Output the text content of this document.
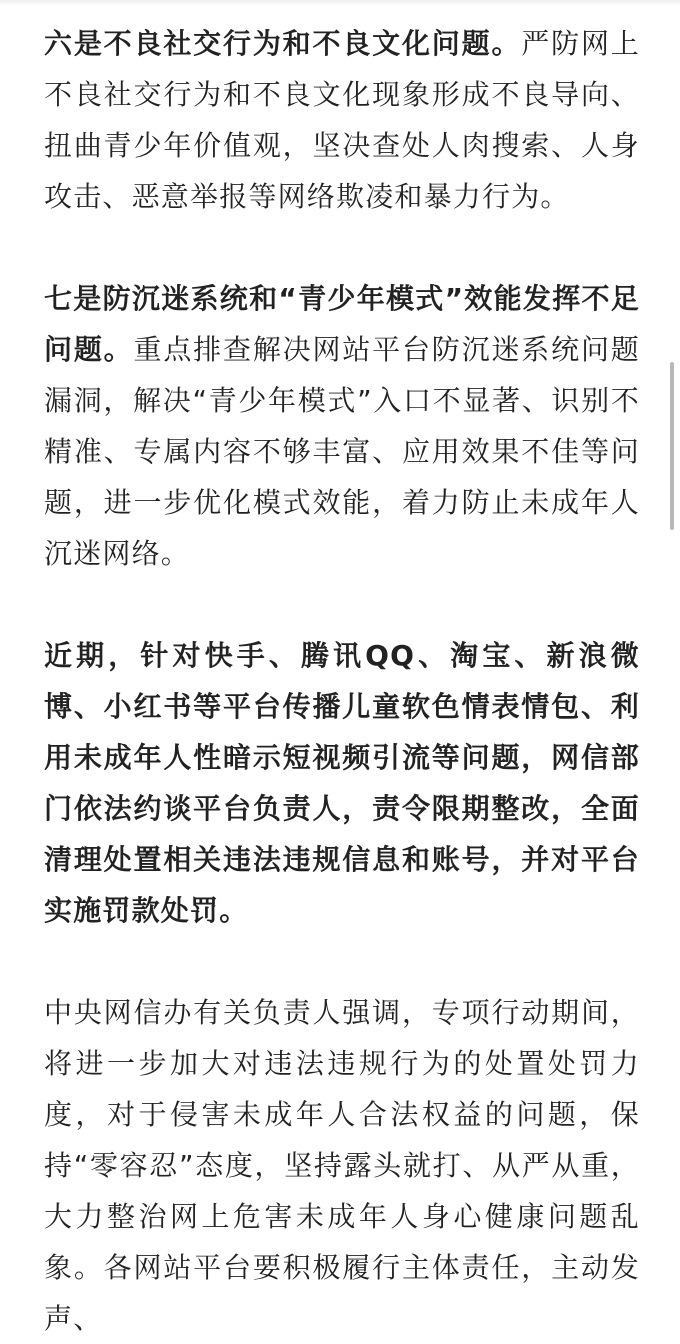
六是不良社交行为和不良文化问题。严防网上不良社交行为和不良文化现象形成不良导向、扭曲青少年价值观，坚决查处人肉搜索、人身攻击、恶意举报等网络欺凌和暴力行为。

七是防沉迷系统和“青少年模式”效能发挥不足问题。重点排查解决网站平台防沉迷系统问题漏洞，解决“青少年模式”入口不显著、识别不精准、专属内容不够丰富、应用效果不佳等问题，进一步优化模式效能，着力防止未成年人沉迷网络。

近期，针对快手、腾讯QQ、淘宝、新浪微博、小红书等平台传播儿童软色情表情包、利用未成年人性暗示短视频引流等问题，网信部门依法约谈平台负责人，责令限期整改，全面清理处置相关违法违规信息和账号，并对平台实施罚款处罚。

中央网信办有关负责人强调，专项行动期间，将进一步加大对违法违规行为的处置处罚力度，对于侵害未成年人合法权益的问题，保持“零容忍”态度，坚持露头就打、从严从重，大力整治网上危害未成年人身心健康问题乱象。各网站平台要积极履行主体责任，主动发声、
